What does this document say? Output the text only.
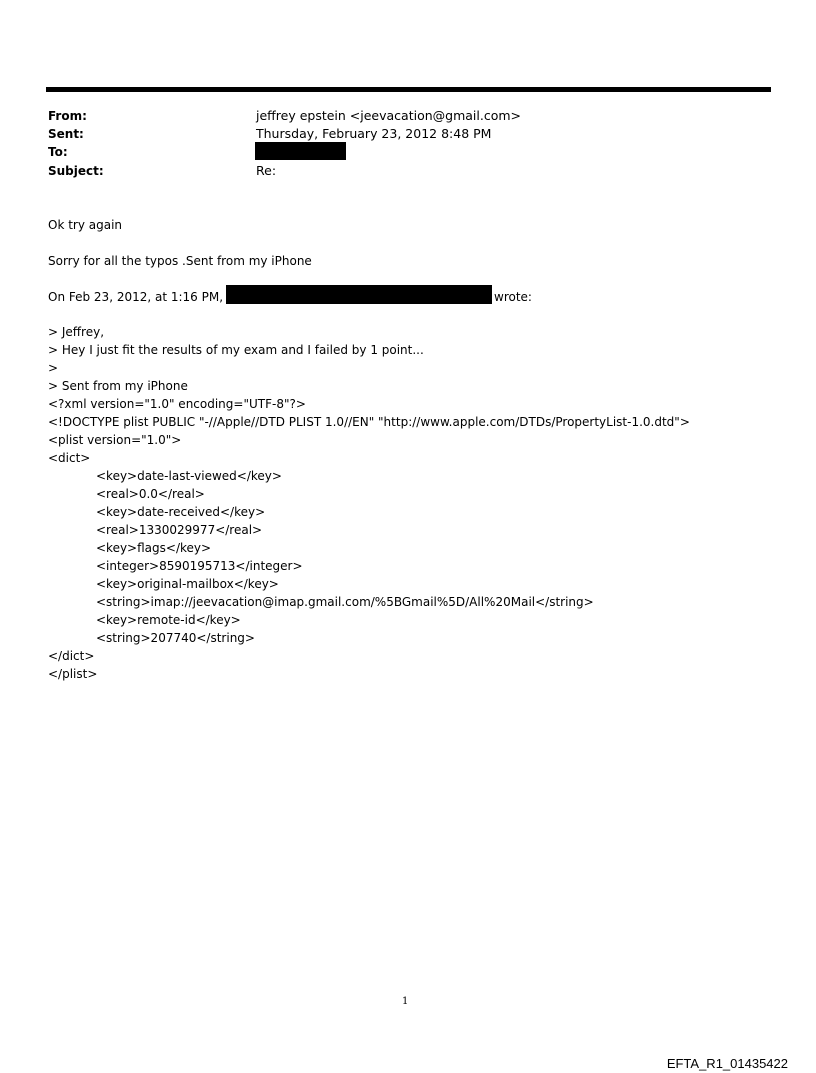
From:	jeffrey epstein <jeevacation@gmail.com>
Sent:	Thursday, February 23, 2012 8:48 PM
To:
Subject:	Re:
Ok try again
Sorry for all the typos .Sent from my iPhone
On Feb 23, 2012, at 1:16 PM,	wrote:
> Jeffrey,
> Hey I just fit the results of my exam and I failed by 1 point...
>
> Sent from my iPhone
<?xml version="1.0" encoding="UTF-8"?>
<!DOCTYPE plist PUBLIC "-//Apple//DTD PLIST 1.0//EN" "http://www.apple.com/DTDs/PropertyList-1.0.dtd">
<plist version="1.0">
<dict>
<key>date-last-viewed</key>
<real>0.0</real>
<key>date-received</key>
<real>1330029977</real>
<key>flags</key>
<integer>8590195713</integer>
<key>original-mailbox</key>
<string>imap://jeevacation@imap.gmail.com/%5BGmail%5D/All%20Mail</string>
<key>remote-id</key>
<string>207740</string>
</dict>
</plist>
1
EFTA_R1_01435422
